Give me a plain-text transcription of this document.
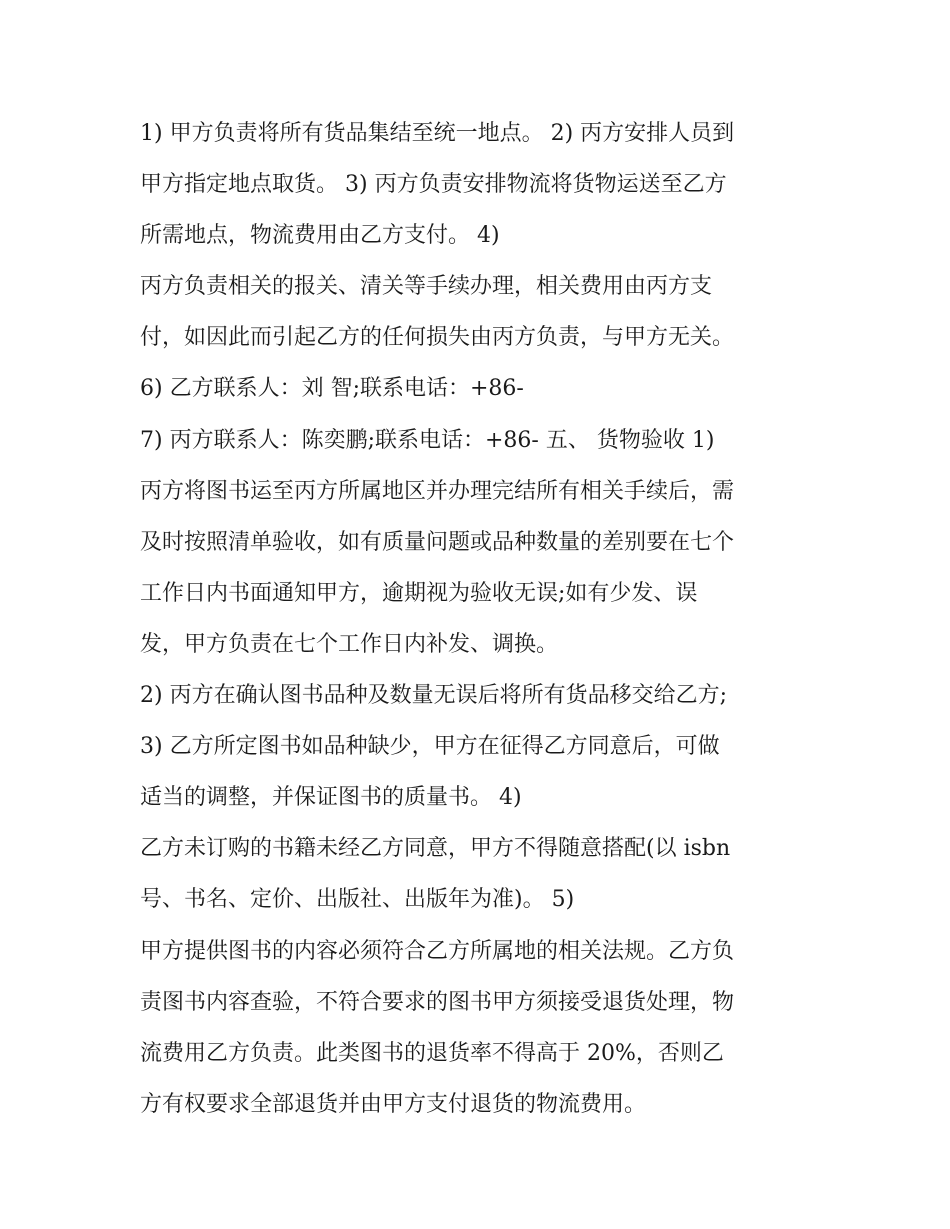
1) 甲方负责将所有货品集结至统一地点。 2) 丙方安排人员到
甲方指定地点取货。 3) 丙方负责安排物流将货物运送至乙方
所需地点，物流费用由乙方支付。 4)
丙方负责相关的报关、清关等手续办理，相关费用由丙方支
付，如因此而引起乙方的任何损失由丙方负责，与甲方无关。
6) 乙方联系人：刘 智;联系电话：+86-
7) 丙方联系人：陈奕鹏;联系电话：+86- 五、 货物验收 1)
丙方将图书运至丙方所属地区并办理完结所有相关手续后，需
及时按照清单验收，如有质量问题或品种数量的差别要在七个
工作日内书面通知甲方，逾期视为验收无误;如有少发、误
发，甲方负责在七个工作日内补发、调换。
2) 丙方在确认图书品种及数量无误后将所有货品移交给乙方;
3) 乙方所定图书如品种缺少，甲方在征得乙方同意后，可做
适当的调整，并保证图书的质量书。 4)
乙方未订购的书籍未经乙方同意，甲方不得随意搭配(以 isbn
号、书名、定价、出版社、出版年为准)。 5)
甲方提供图书的内容必须符合乙方所属地的相关法规。乙方负
责图书内容查验，不符合要求的图书甲方须接受退货处理，物
流费用乙方负责。此类图书的退货率不得高于 20%，否则乙
方有权要求全部退货并由甲方支付退货的物流费用。
